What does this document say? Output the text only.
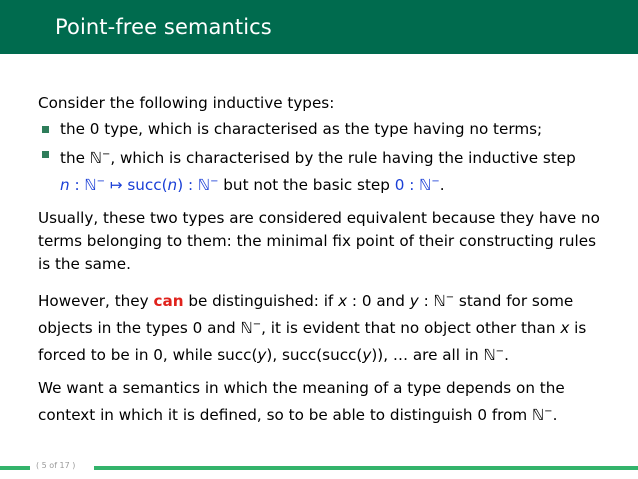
Point-free semantics

Consider the following inductive types:

the 0 type, which is characterised as the type having no terms;
the ℕ−, which is characterised by the rule having the inductive step
n : ℕ− ↦ succ(n) : ℕ− but not the basic step 0 : ℕ−.

Usually, these two types are considered equivalent because they have no terms belonging to them: the minimal fix point of their constructing rules is the same.

However, they can be distinguished: if x : 0 and y : ℕ− stand for some objects in the types 0 and ℕ−, it is evident that no object other than x is forced to be in 0, while succ(y), succ(succ(y)), … are all in ℕ−.

We want a semantics in which the meaning of a type depends on the context in which it is defined, so to be able to distinguish 0 from ℕ−.

( 5 of 17 )
